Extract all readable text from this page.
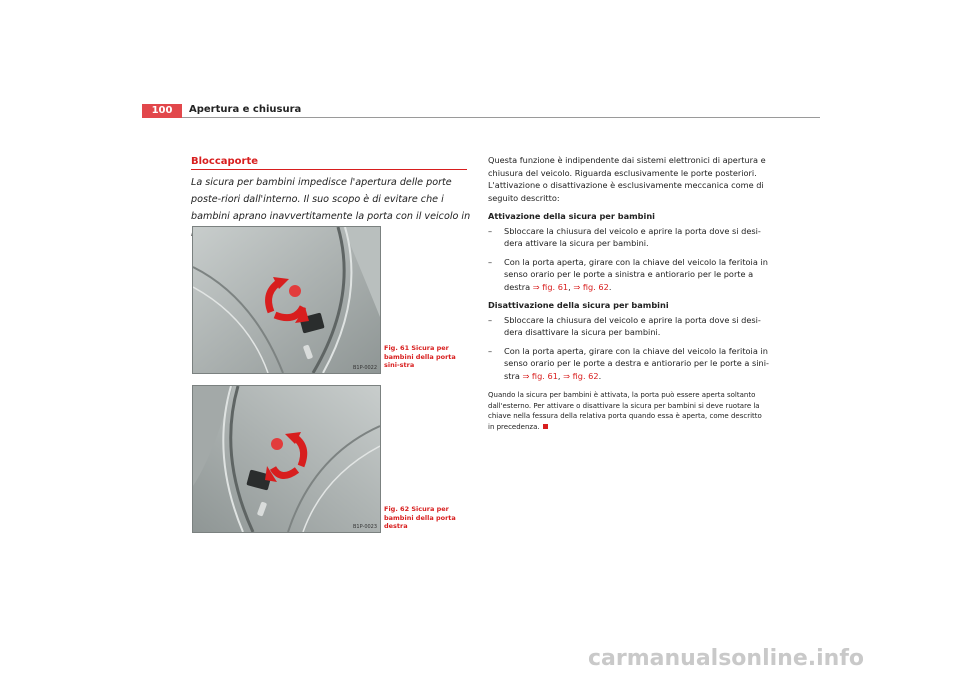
100	Apertura e chiusura
Bloccaporte
La sicura per bambini impedisce l'apertura delle porte poste-riori dall'interno. Il suo scopo è di evitare che i bambini aprano inavvertitamente la porta con il veicolo in
B1P-0022
Fig. 61 Sicura per bambini della porta sini-stra
B1P-0023
Fig. 62 Sicura per bambini della porta destra

Questa funzione è indipendente dai sistemi elettronici di apertura e chiusura del veicolo. Riguarda esclusivamente le porte posteriori. L'attivazione o disattivazione è esclusivamente meccanica come di seguito descritto:

Attivazione della sicura per bambini
–	Sbloccare la chiusura del veicolo e aprire la porta dove si desi-dera attivare la sicura per bambini.
–	Con la porta aperta, girare con la chiave del veicolo la feritoia in senso orario per le porte a sinistra e antiorario per le porte a destra ⇒ fig. 61, ⇒ fig. 62.
Disattivazione della sicura per bambini
–	Sbloccare la chiusura del veicolo e aprire la porta dove si desi-dera disattivare la sicura per bambini.
–	Con la porta aperta, girare con la chiave del veicolo la feritoia in senso orario per le porte a destra e antiorario per le porte a sini-stra ⇒ fig. 61, ⇒ fig. 62.
Quando la sicura per bambini è attivata, la porta può essere aperta soltanto dall'esterno. Per attivare o disattivare la sicura per bambini si deve ruotare la chiave nella fessura della relativa porta quando essa è aperta, come descritto in precedenza.
carmanualsonline.info
